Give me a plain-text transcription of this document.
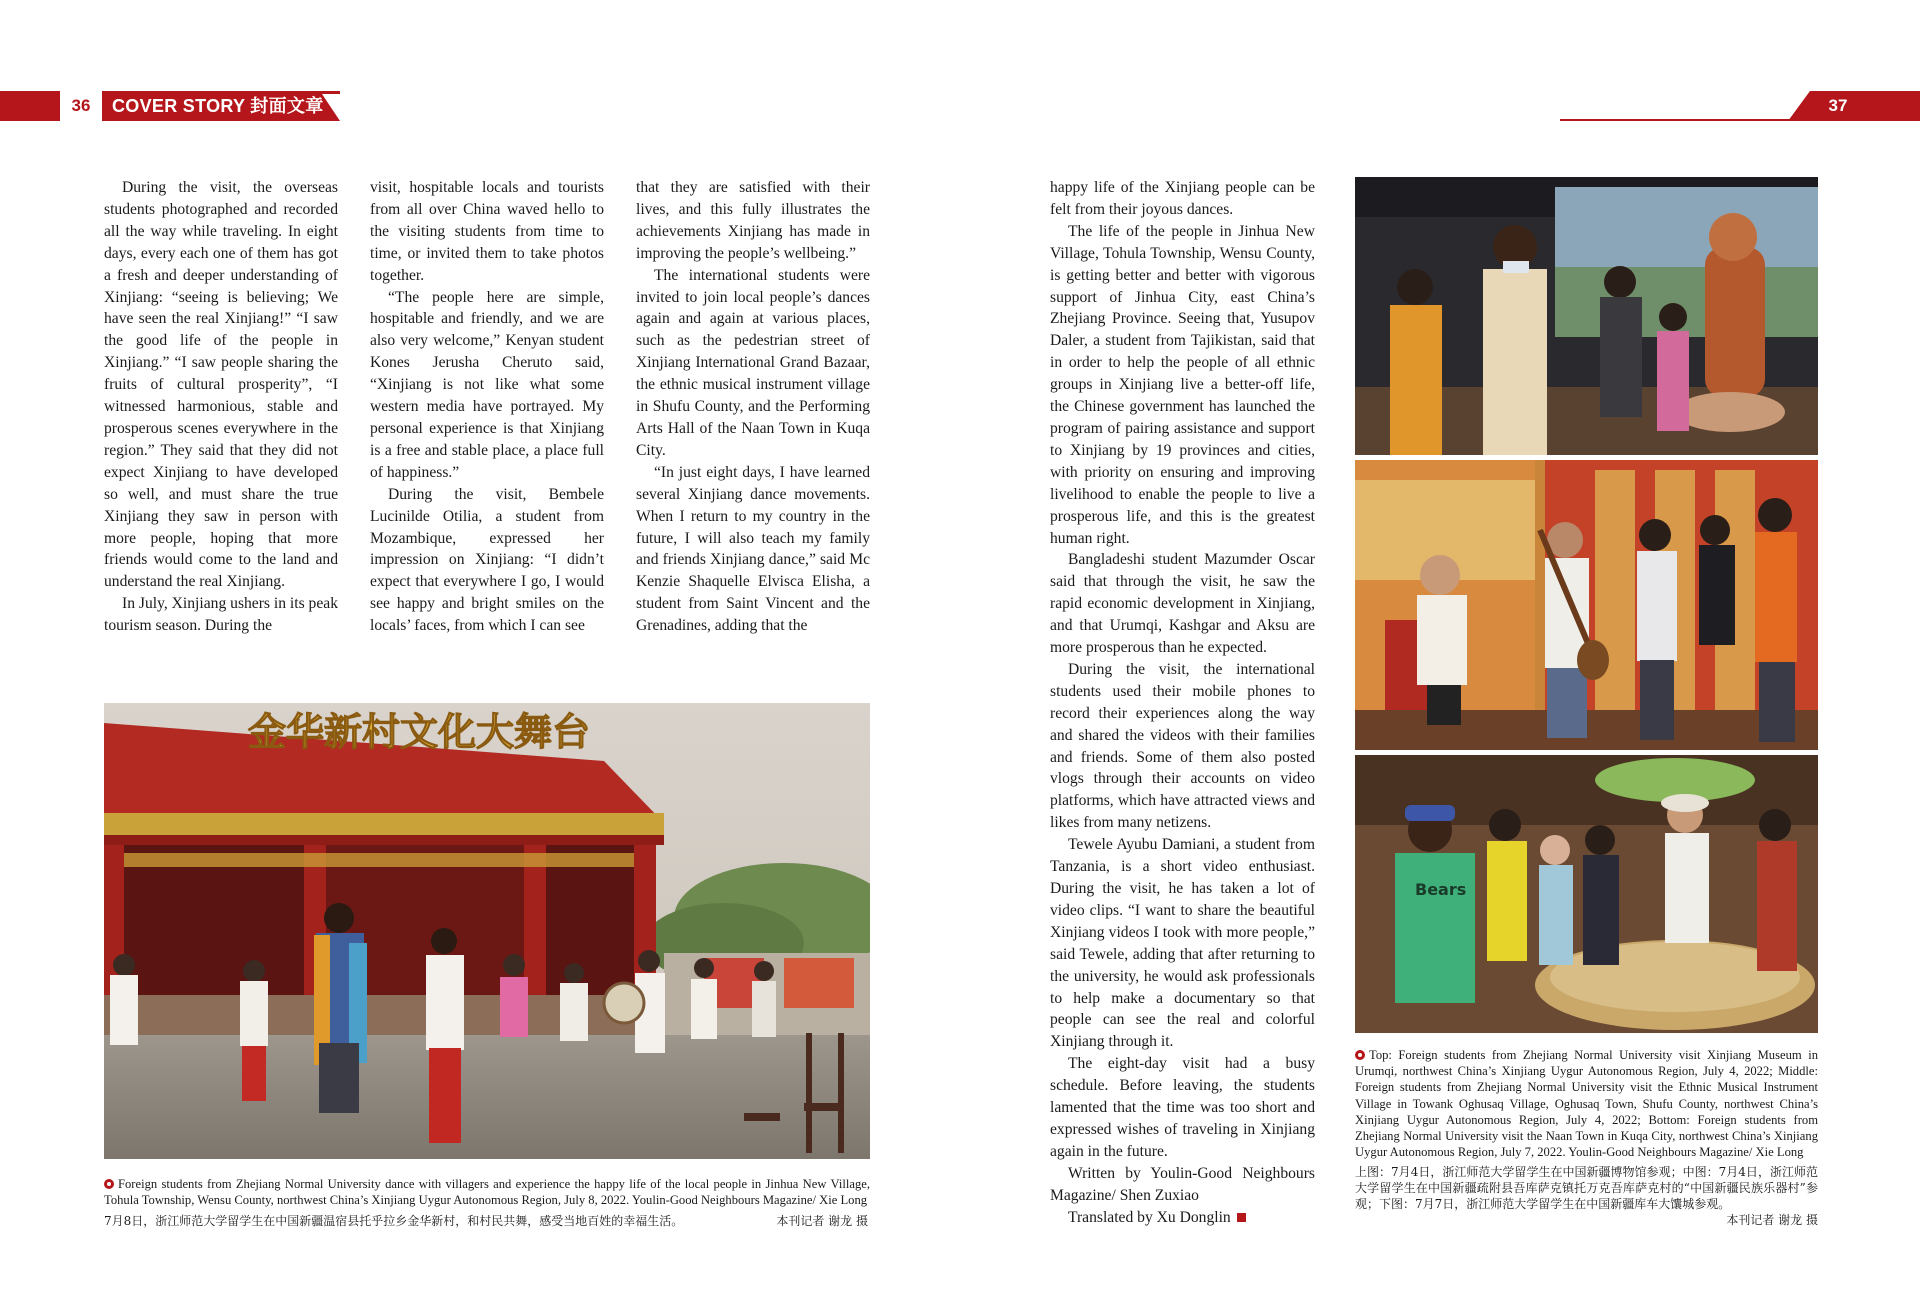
36	COVER STORY 封面文章	37

During the visit, the overseas students photographed and recorded all the way while traveling. In eight days, every each one of them has got a fresh and deeper understanding of Xinjiang: “seeing is believing; We have seen the real Xinjiang!” “I saw the good life of the people in Xinjiang.” “I saw people sharing the fruits of cultural prosperity”, “I witnessed harmonious, stable and prosperous scenes everywhere in the region.” They said that they did not expect Xinjiang to have developed so well, and must share the true Xinjiang they saw in person with more people, hoping that more friends would come to the land and understand the real Xinjiang.

In July, Xinjiang ushers in its peak tourism season. During the

visit, hospitable locals and tourists from all over China waved hello to the visiting students from time to time, or invited them to take photos together.

“The people here are simple, hospitable and friendly, and we are also very welcome,” Kenyan student Kones Jerusha Cheruto said, “Xinjiang is not like what some western media have portrayed. My personal experience is that Xinjiang is a free and stable place, a place full of happiness.”

During the visit, Bembele Lucinilde Otilia, a student from Mozambique, expressed her impression on Xinjiang: “I didn’t expect that everywhere I go, I would see happy and bright smiles on the locals’ faces, from which I can see

that they are satisfied with their lives, and this fully illustrates the achievements Xinjiang has made in improving the people’s wellbeing.”

The international students were invited to join local people’s dances again and again at various places, such as the pedestrian street of Xinjiang International Grand Bazaar, the ethnic musical instrument village in Shufu County, and the Performing Arts Hall of the Naan Town in Kuqa City.

“In just eight days, I have learned several Xinjiang dance movements. When I return to my country in the future, I will also teach my family and friends Xinjiang dance,” said Mc Kenzie Shaquelle Elvisca Elisha, a student from Saint Vincent and the Grenadines, adding that the

金华新村文化大舞台
Foreign students from Zhejiang Normal University dance with villagers and experience the happy life of the local people in Jinhua New Village, Tohula Township, Wensu County, northwest China’s Xinjiang Uygur Autonomous Region, July 8, 2022. Youlin-Good Neighbours Magazine/ Xie Long
7月8日，浙江师范大学留学生在中国新疆温宿县托乎拉乡金华新村，和村民共舞，感受当地百姓的幸福生活。	本刊记者 谢龙 摄

happy life of the Xinjiang people can be felt from their joyous dances.

The life of the people in Jinhua New Village, Tohula Township, Wensu County, is getting better and better with vigorous support of Jinhua City, east China’s Zhejiang Province. Seeing that, Yusupov Daler, a student from Tajikistan, said that in order to help the people of all ethnic groups in Xinjiang live a better-off life, the Chinese government has launched the program of pairing assistance and support to Xinjiang by 19 provinces and cities, with priority on ensuring and improving livelihood to enable the people to live a prosperous life, and this is the greatest human right.

Bangladeshi student Mazumder Oscar said that through the visit, he saw the rapid economic development in Xinjiang, and that Urumqi, Kashgar and Aksu are more prosperous than he expected.

During the visit, the international students used their mobile phones to record their experiences along the way and shared the videos with their families and friends. Some of them also posted vlogs through their accounts on video platforms, which have attracted views and likes from many netizens.

Tewele Ayubu Damiani, a student from Tanzania, is a short video enthusiast. During the visit, he has taken a lot of video clips. “I want to share the beautiful Xinjiang videos I took with more people,” said Tewele, adding that after returning to the university, he would ask professionals to help make a documentary so that people can see the real and colorful Xinjiang through it.

The eight-day visit had a busy schedule. Before leaving, the students lamented that the time was too short and expressed wishes of traveling in Xinjiang again in the future.

Written by Youlin-Good Neighbours Magazine/ Shen Zuxiao

Translated by Xu Donglin

Bears
Top: Foreign students from Zhejiang Normal University visit Xinjiang Museum in Urumqi, northwest China’s Xinjiang Uygur Autonomous Region, July 4, 2022; Middle: Foreign students from Zhejiang Normal University visit the Ethnic Musical Instrument Village in Towank Oghusaq Village, Oghusaq Town, Shufu County, northwest China’s Xinjiang Uygur Autonomous Region, July 4, 2022; Bottom: Foreign students from Zhejiang Normal University visit the Naan Town in Kuqa City, northwest China’s Xinjiang Uygur Autonomous Region, July 7, 2022. Youlin-Good Neighbours Magazine/ Xie Long
上图：7月4日，浙江师范大学留学生在中国新疆博物馆参观；中图：7月4日，浙江师范大学留学生在中国新疆疏附县吾库萨克镇托万克吾库萨克村的“中国新疆民族乐器村”参观；下图：7月7日，浙江师范大学留学生在中国新疆库车大馕城参观。
本刊记者 谢龙 摄
